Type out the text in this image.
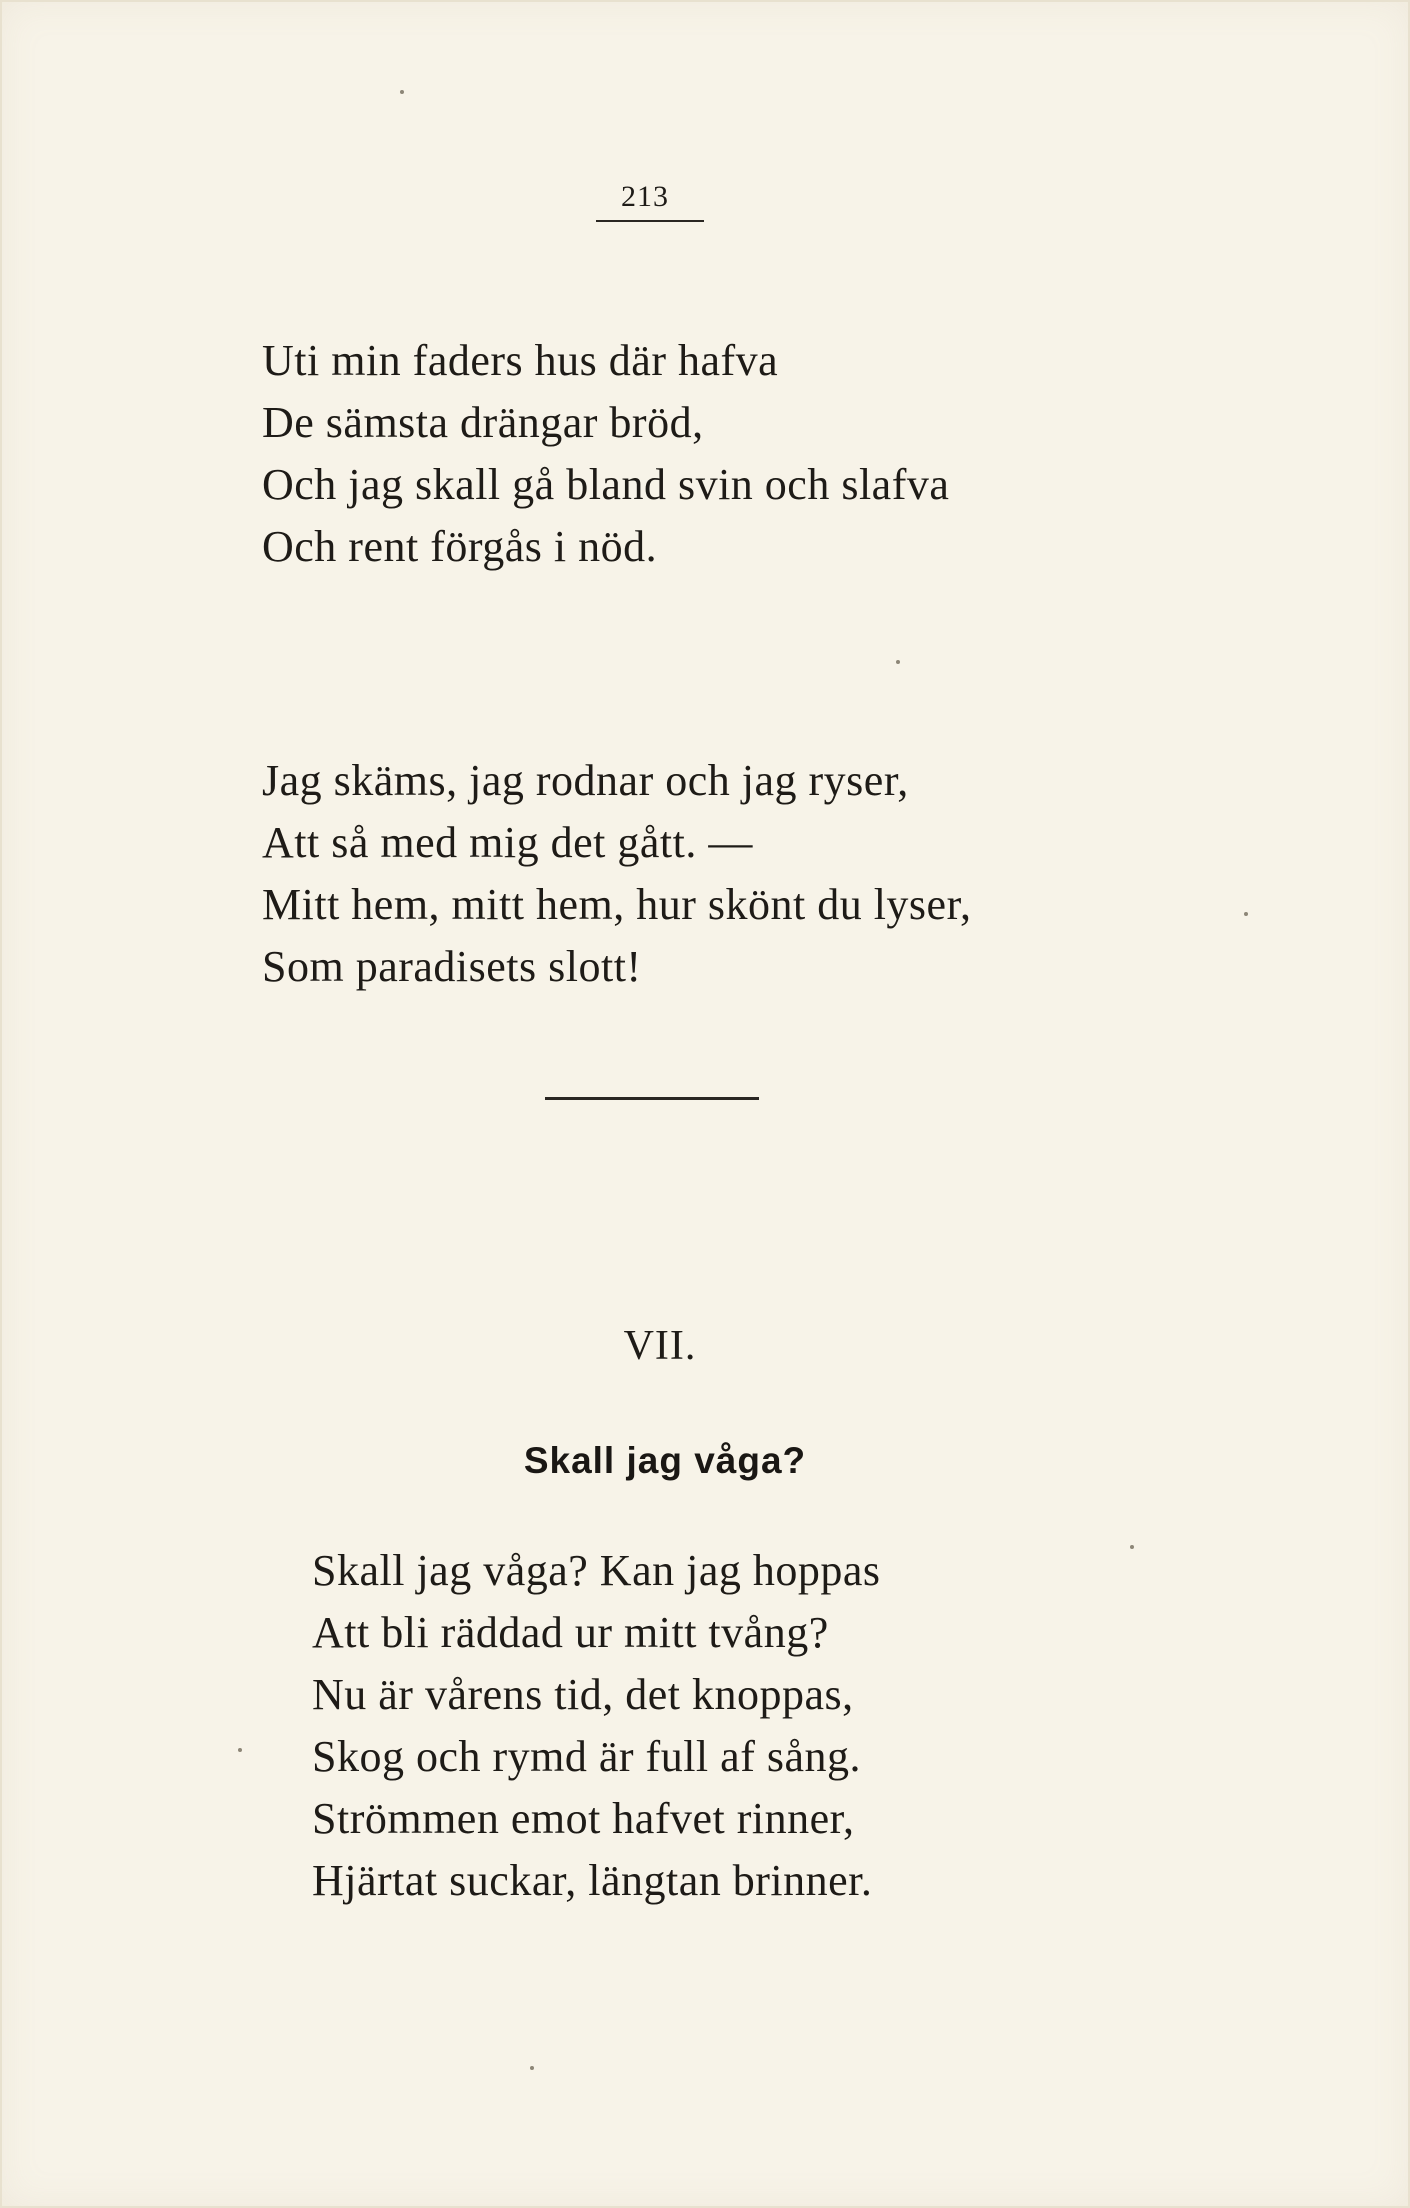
213

Uti min faders hus där hafva
De sämsta drängar bröd,
Och jag skall gå bland svin och slafva
Och rent förgås i nöd.

Jag skäms, jag rodnar och jag ryser,
Att så med mig det gått. —
Mitt hem, mitt hem, hur skönt du lyser,
Som paradisets slott!

VII.
Skall jag våga?

Skall jag våga? Kan jag hoppas
Att bli räddad ur mitt tvång?
Nu är vårens tid, det knoppas,
Skog och rymd är full af sång.
Strömmen emot hafvet rinner,
Hjärtat suckar, längtan brinner.
